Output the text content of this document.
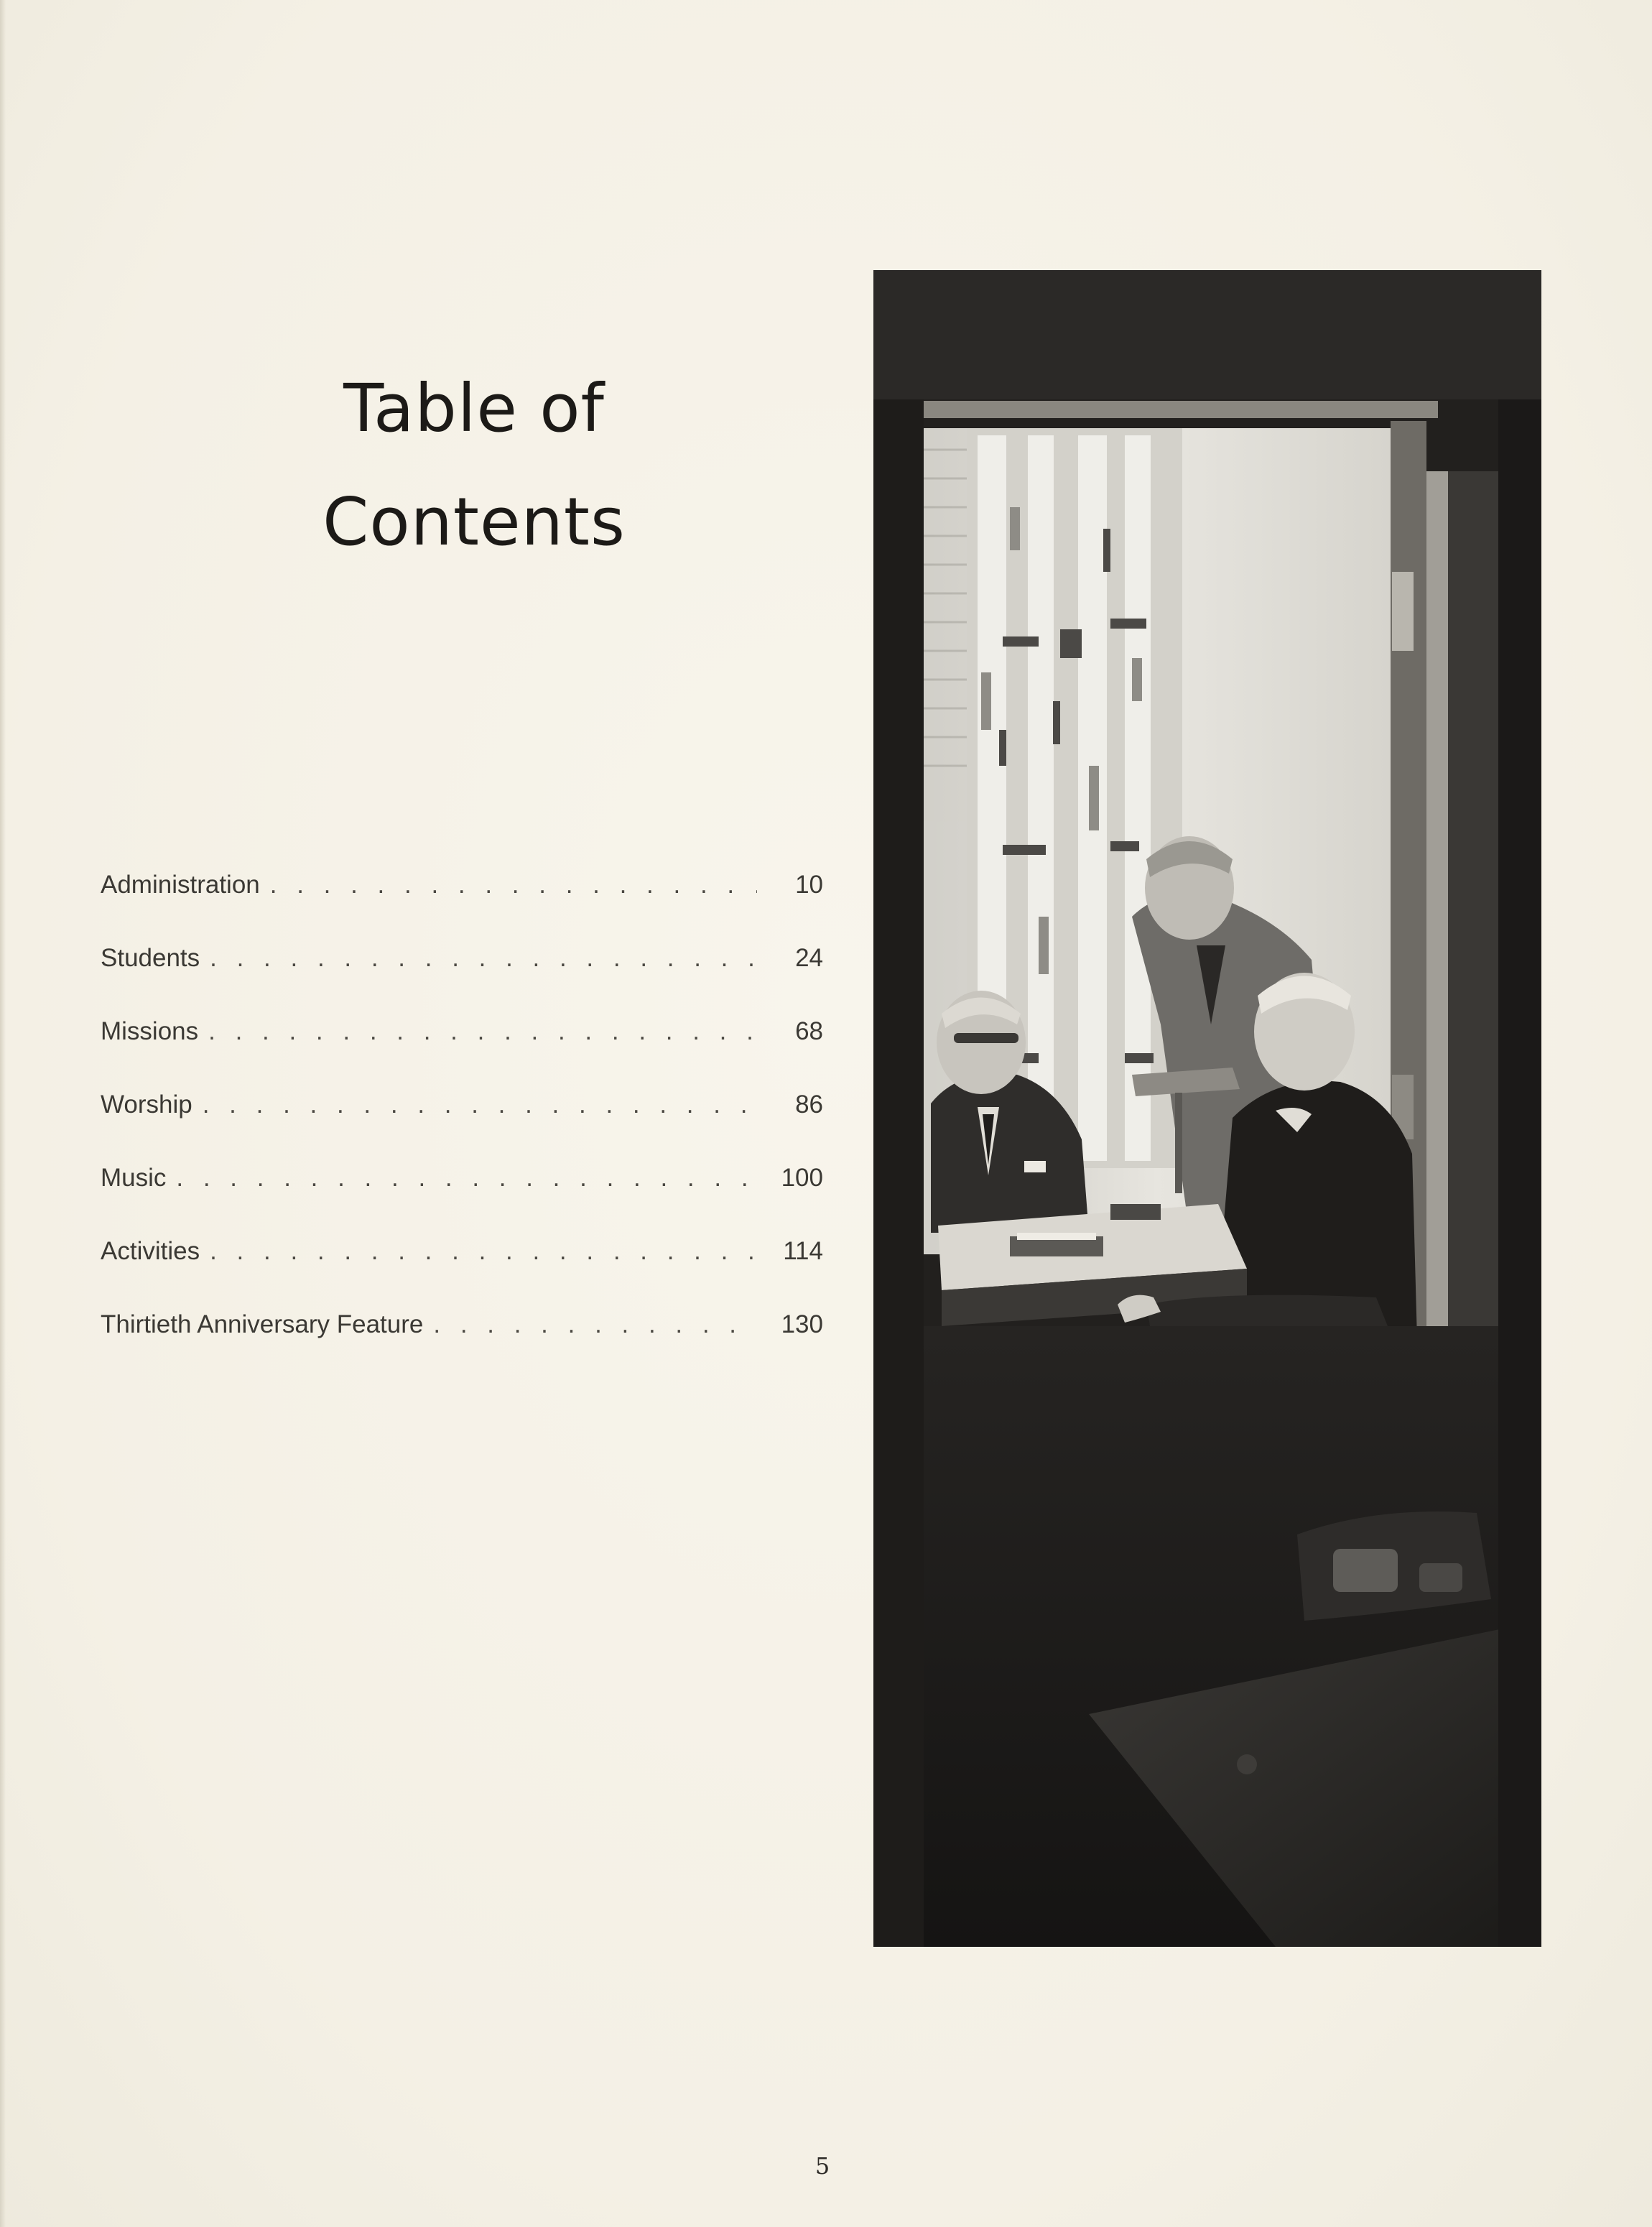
Table of
Contents
Administration . . .	10
Students . . .	24
Missions . . .	68
Worship . . .	86
Music . . .	100
Activities . . .	114
Thirtieth Anniversary Feature . . .	130
5
